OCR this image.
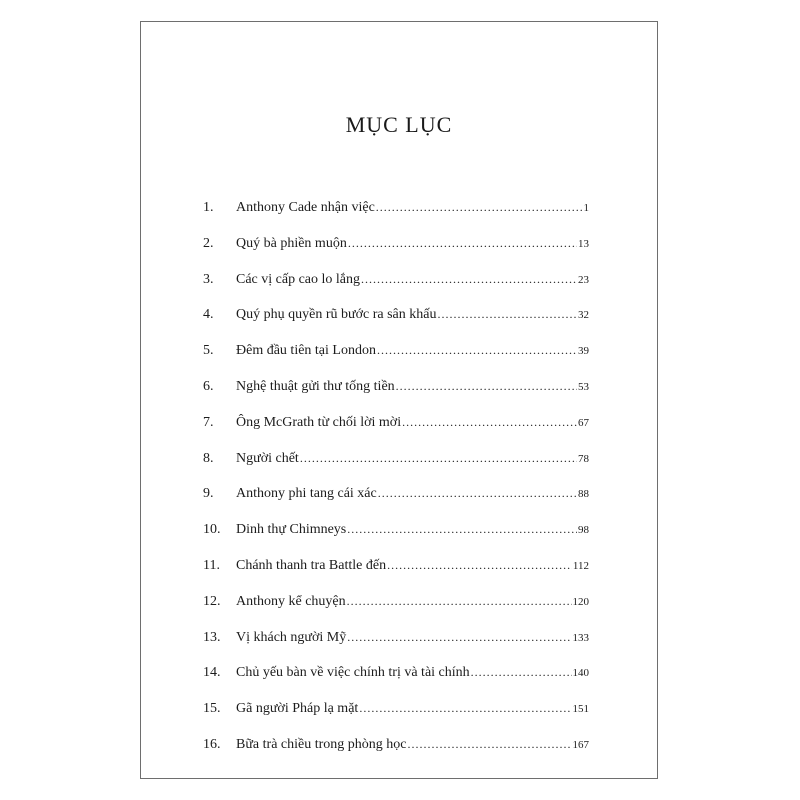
MỤC LỤC
1.	Anthony Cade nhận việc .....	1
2.	Quý bà phiền muộn .....	13
3.	Các vị cấp cao lo lắng .....	23
4.	Quý phụ quyền rũ bước ra sân khấu .....	32
5.	Đêm đầu tiên tại London .....	39
6.	Nghệ thuật gửi thư tống tiền .....	53
7.	Ông McGrath từ chối lời mời .....	67
8.	Người chết .....	78
9.	Anthony phi tang cái xác .....	88
10.	Dinh thự Chimneys .....	98
11.	Chánh thanh tra Battle đến .....	112
12.	Anthony kể chuyện .....	120
13.	Vị khách người Mỹ .....	133
14.	Chủ yếu bàn về việc chính trị và tài chính .....	140
15.	Gã người Pháp lạ mặt .....	151
16.	Bữa trà chiều trong phòng học .....	167
